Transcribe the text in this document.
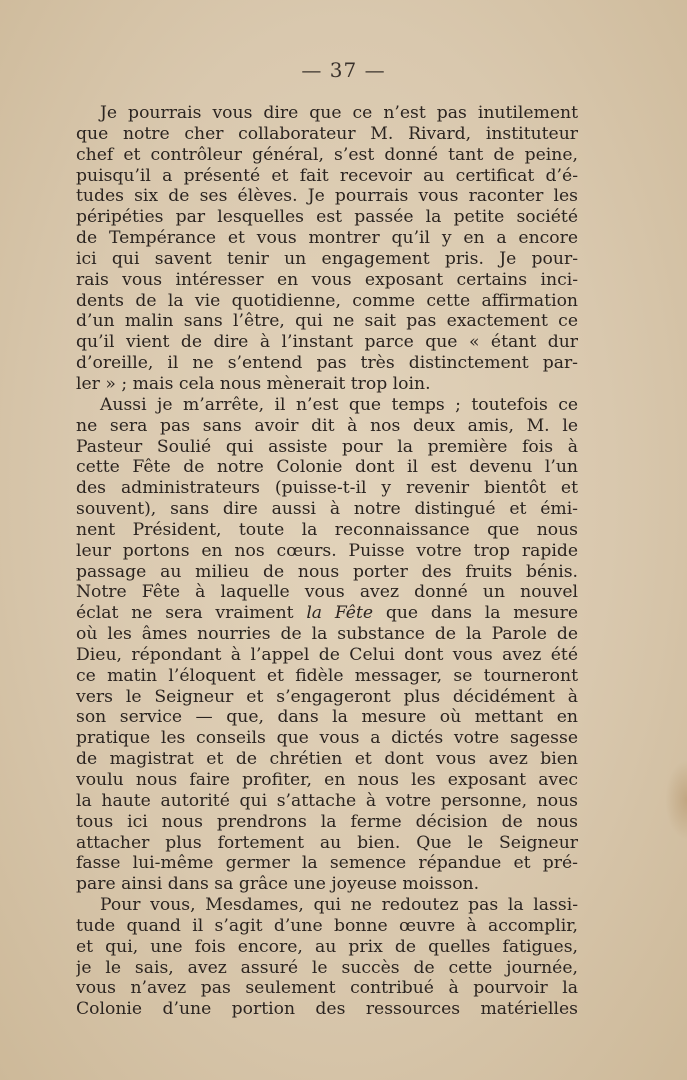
— 37 —
Je pourrais vous dire que ce n’est pas inutilement
que notre cher collaborateur M. Rivard, instituteur
chef et contrôleur général, s’est donné tant de peine,
puisqu’il a présenté et fait recevoir au certificat d’é-
tudes six de ses élèves. Je pourrais vous raconter les
péripéties par lesquelles est passée la petite société
de Tempérance et vous montrer qu’il y en a encore
ici qui savent tenir un engagement pris. Je pour-
rais vous intéresser en vous exposant certains inci-
dents de la vie quotidienne, comme cette affirmation
d’un malin sans l’être, qui ne sait pas exactement ce
qu’il vient de dire à l’instant parce que « étant dur
d’oreille, il ne s’entend pas très distinctement par-
ler » ; mais cela nous mènerait trop loin.
Aussi je m’arrête, il n’est que temps ; toutefois ce
ne sera pas sans avoir dit à nos deux amis, M. le
Pasteur Soulié qui assiste pour la première fois à
cette Fête de notre Colonie dont il est devenu l’un
des administrateurs (puisse-t-il y revenir bientôt et
souvent), sans dire aussi à notre distingué et émi-
nent Président, toute la reconnaissance que nous
leur portons en nos cœurs. Puisse votre trop rapide
passage au milieu de nous porter des fruits bénis.
Notre Fête à laquelle vous avez donné un nouvel
éclat ne sera vraiment la Fête que dans la mesure
où les âmes nourries de la substance de la Parole de
Dieu, répondant à l’appel de Celui dont vous avez été
ce matin l’éloquent et fidèle messager, se tourneront
vers le Seigneur et s’engageront plus décidément à
son service — que, dans la mesure où mettant en
pratique les conseils que vous a dictés votre sagesse
de magistrat et de chrétien et dont vous avez bien
voulu nous faire profiter, en nous les exposant avec
la haute autorité qui s’attache à votre personne, nous
tous ici nous prendrons la ferme décision de nous
attacher plus fortement au bien. Que le Seigneur
fasse lui-même germer la semence répandue et pré-
pare ainsi dans sa grâce une joyeuse moisson.
Pour vous, Mesdames, qui ne redoutez pas la lassi-
tude quand il s’agit d’une bonne œuvre à accomplir,
et qui, une fois encore, au prix de quelles fatigues,
je le sais, avez assuré le succès de cette journée,
vous n’avez pas seulement contribué à pourvoir la
Colonie d’une portion des ressources matérielles
